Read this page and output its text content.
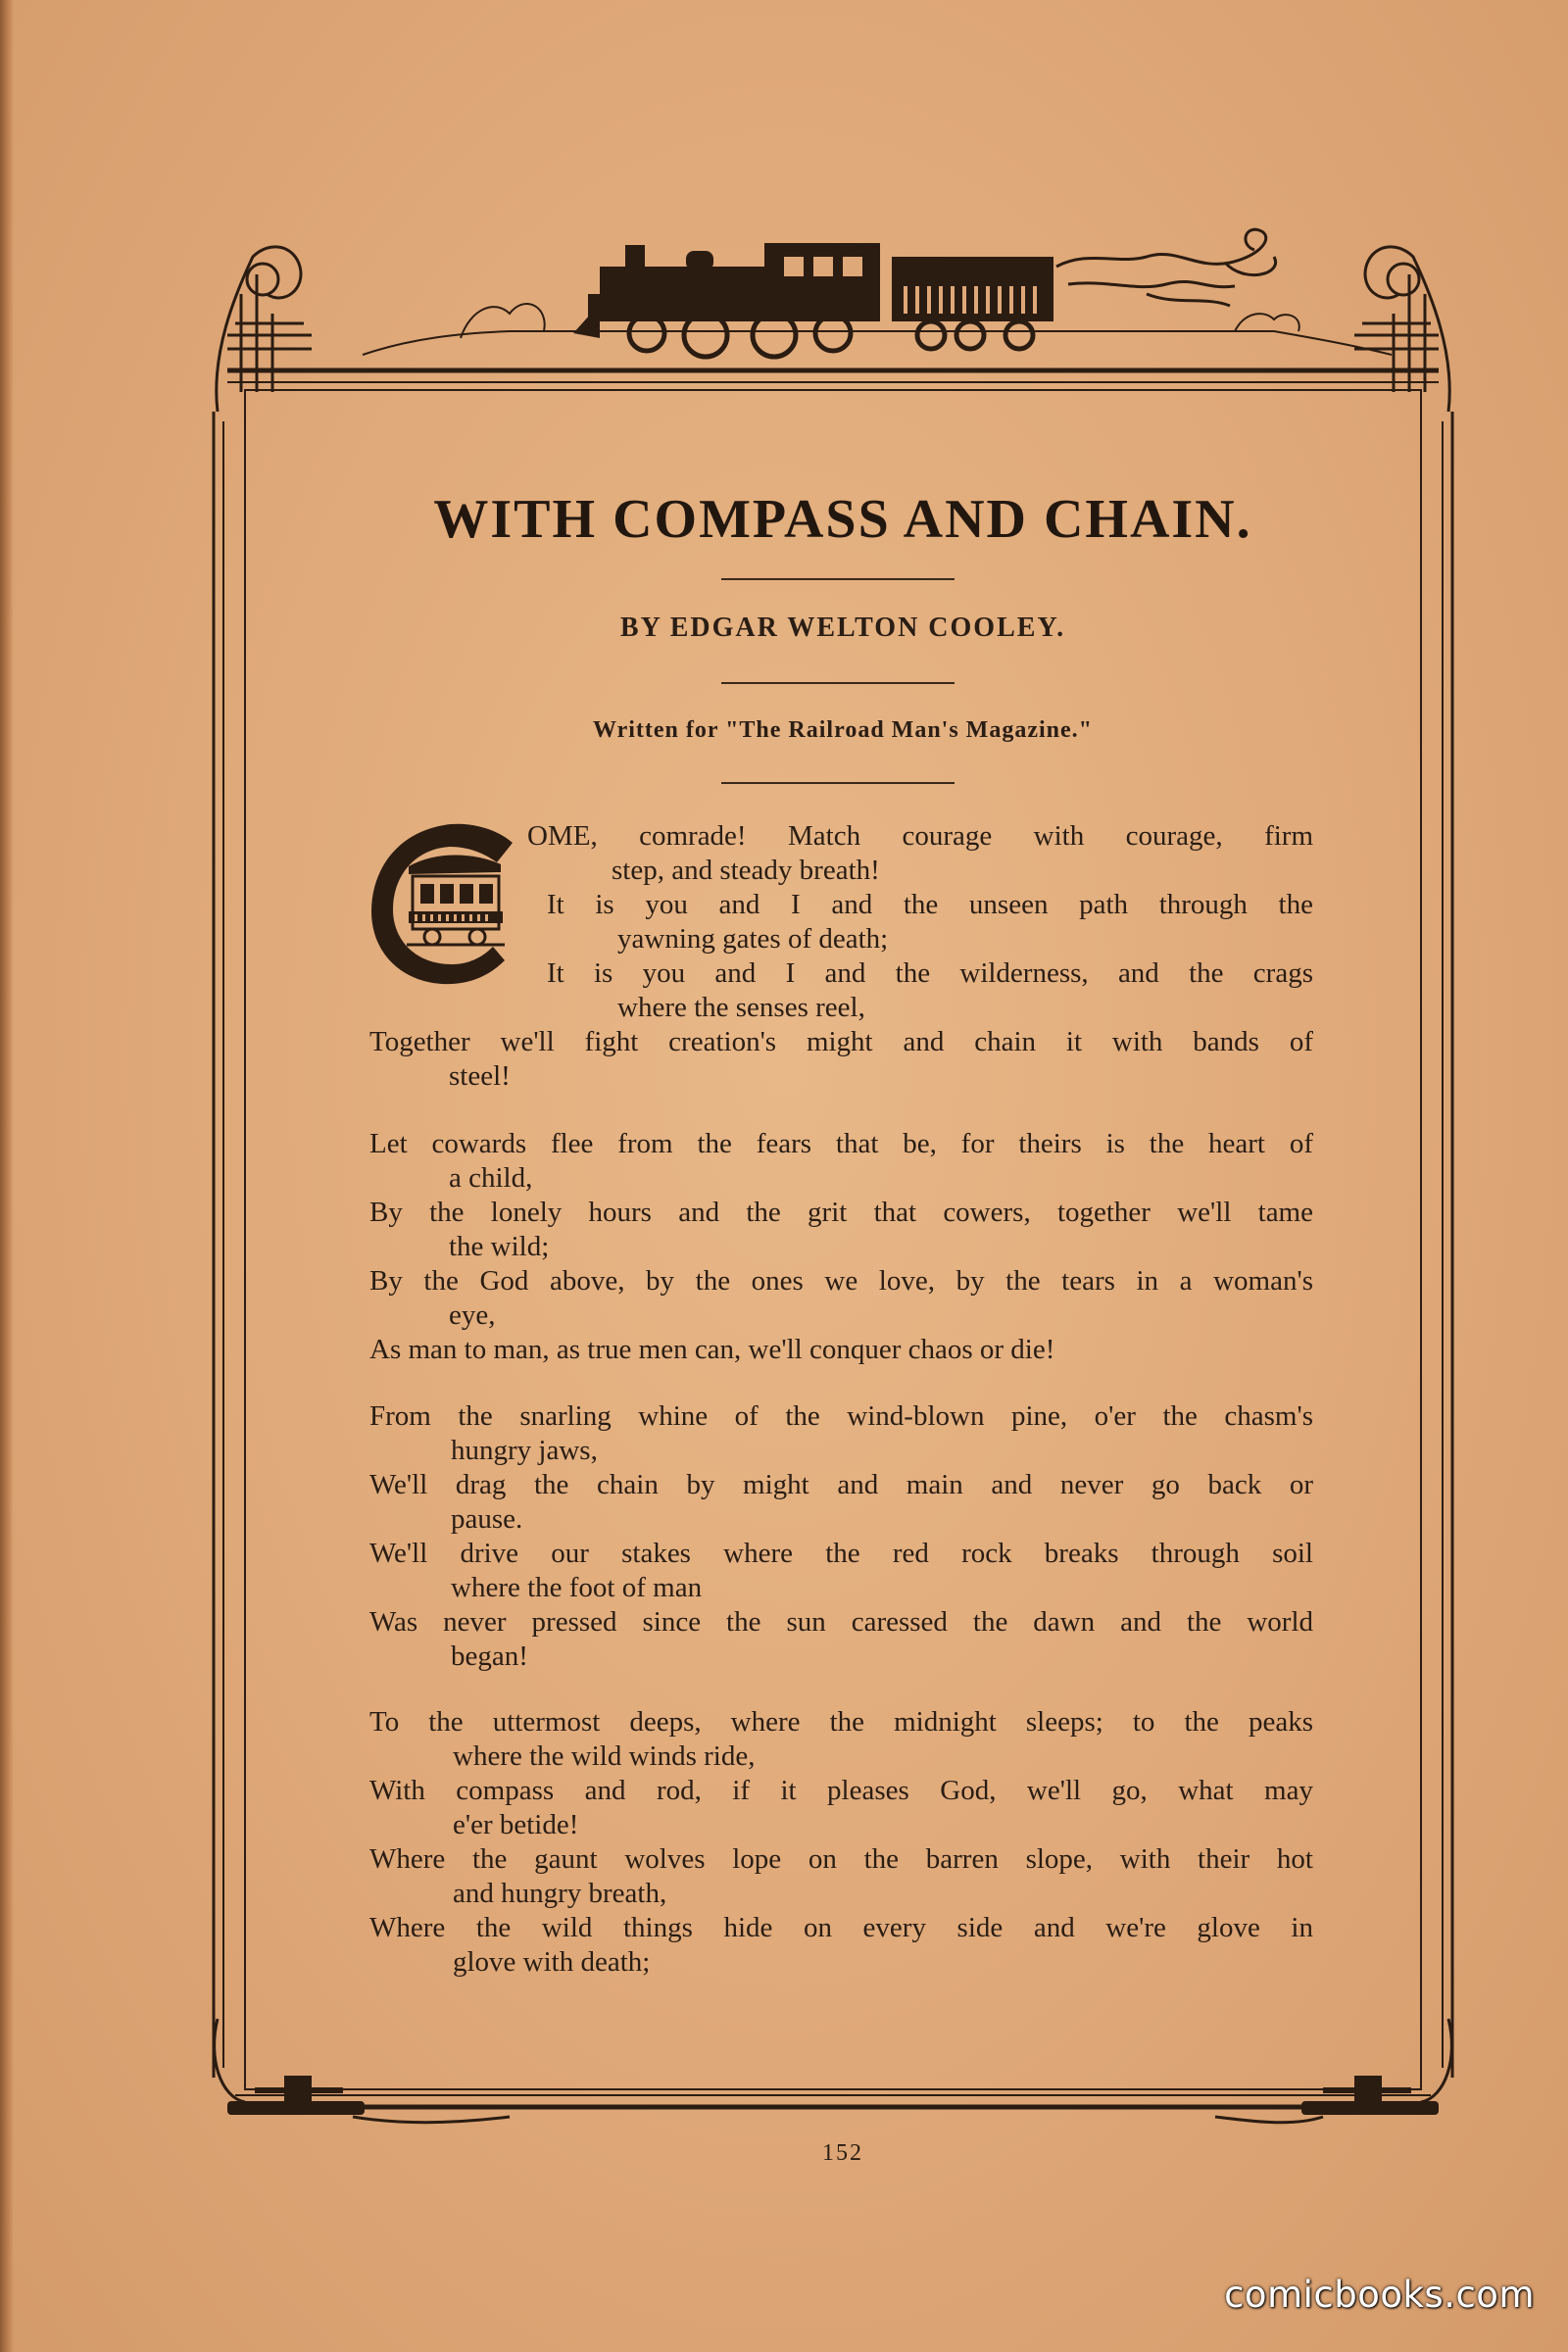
WITH COMPASS AND CHAIN.
BY EDGAR WELTON COOLEY.
Written for "The Railroad Man's Magazine."
OME, comrade! Match courage with courage, firm
step, and steady breath!
It is you and I and the unseen path through the
yawning gates of death;
It is you and I and the wilderness, and the crags
where the senses reel,
Together we'll fight creation's might and chain it with bands of
steel!
Let cowards flee from the fears that be, for theirs is the heart of
a child,
By the lonely hours and the grit that cowers, together we'll tame
the wild;
By the God above, by the ones we love, by the tears in a woman's
eye,
As man to man, as true men can, we'll conquer chaos or die!
From the snarling whine of the wind-blown pine, o'er the chasm's
hungry jaws,
We'll drag the chain by might and main and never go back or
pause.
We'll drive our stakes where the red rock breaks through soil
where the foot of man
Was never pressed since the sun caressed the dawn and the world
began!
To the uttermost deeps, where the midnight sleeps; to the peaks
where the wild winds ride,
With compass and rod, if it pleases God, we'll go, what may
e'er betide!
Where the gaunt wolves lope on the barren slope, with their hot
and hungry breath,
Where the wild things hide on every side and we're glove in
glove with death;
152
comicbooks.com
